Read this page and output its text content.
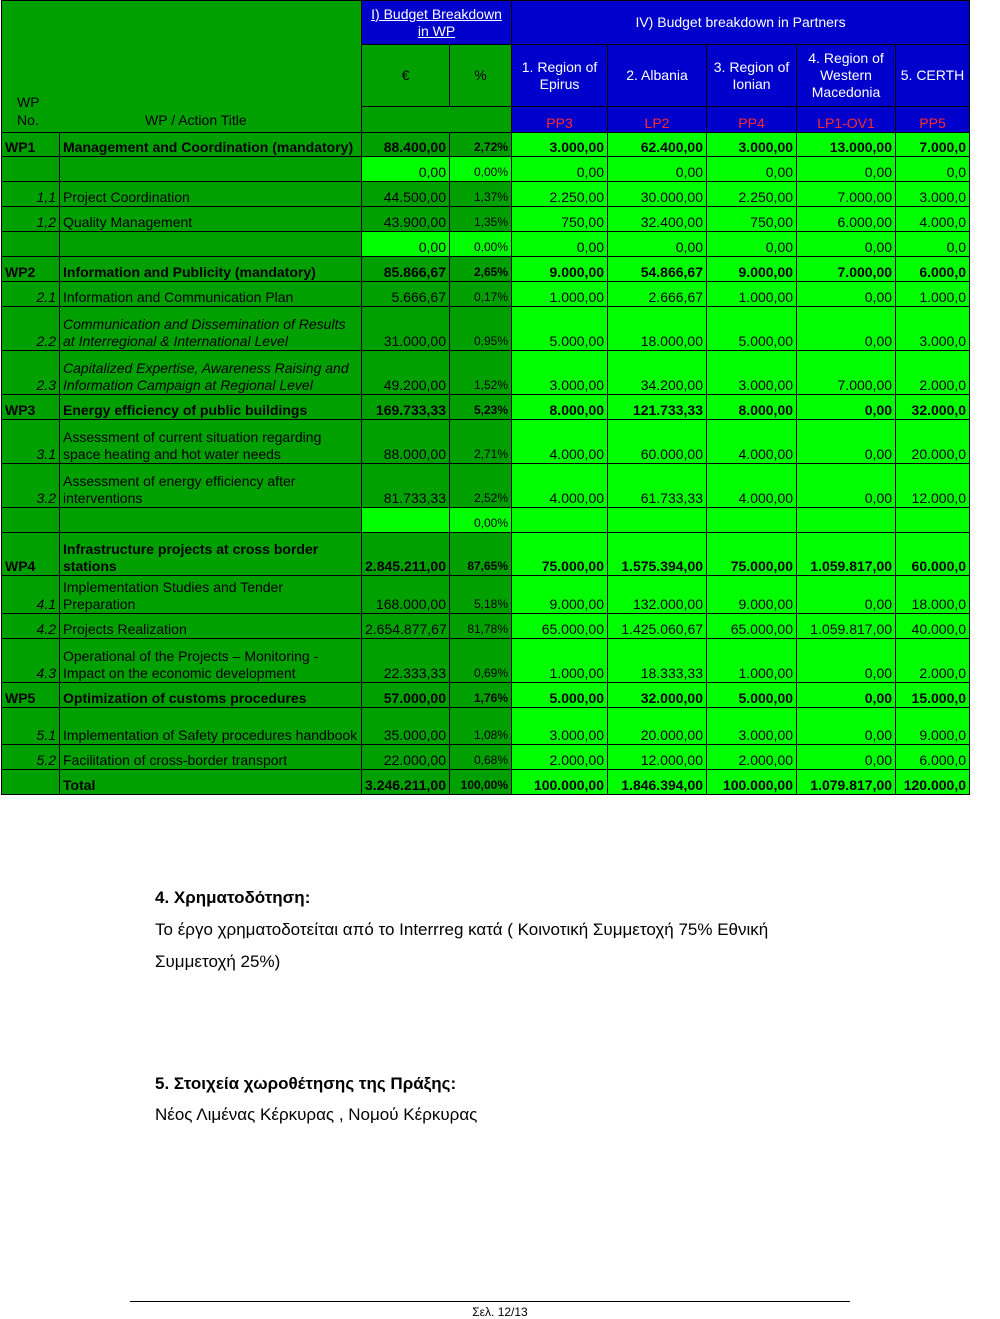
WP No. WP / Action Title		I) Budget Breakdown in WP		IV) Budget breakdown in Partners				
		€	%	1. Region of Epirus	2. Albania	3. Region of Ionian	4. Region of Western Macedonia	5. CERTH
				PP3	LP2	PP4	LP1-OV1	PP5
WP1	Management and Coordination (mandatory)	88.400,00	2,72%	3.000,00	62.400,00	3.000,00	13.000,00	7.000,0
		0,00	0,00%	0,00	0,00	0,00	0,00	0,0
1,1	Project Coordination	44.500,00	1,37%	2.250,00	30.000,00	2.250,00	7.000,00	3.000,0
1,2	Quality Management	43.900,00	1,35%	750,00	32.400,00	750,00	6.000,00	4.000,0
		0,00	0,00%	0,00	0,00	0,00	0,00	0,0
WP2	Information and Publicity (mandatory)	85.866,67	2,65%	9.000,00	54.866,67	9.000,00	7.000,00	6.000,0
2.1	Information and Communication Plan	5.666,67	0,17%	1.000,00	2.666,67	1.000,00	0,00	1.000,0
2.2	Communication and Dissemination of Results at Interregional & International Level	31.000,00	0,95%	5.000,00	18.000,00	5.000,00	0,00	3.000,0
2.3	Capitalized Expertise, Awareness Raising and Information Campaign at Regional Level	49.200,00	1,52%	3.000,00	34.200,00	3.000,00	7.000,00	2.000,0
WP3	Energy efficiency of public buildings	169.733,33	5,23%	8.000,00	121.733,33	8.000,00	0,00	32.000,0
3.1	Assessment of current situation regarding space heating and hot water needs	88.000,00	2,71%	4.000,00	60.000,00	4.000,00	0,00	20.000,0
3.2	Assessment of energy efficiency after interventions	81.733,33	2,52%	4.000,00	61.733,33	4.000,00	0,00	12.000,0
			0,00%					
WP4	Infrastructure projects at cross border stations	2.845.211,00	87,65%	75.000,00	1.575.394,00	75.000,00	1.059.817,00	60.000,0
4.1	Implementation Studies and Tender Preparation	168.000,00	5,18%	9.000,00	132.000,00	9.000,00	0,00	18.000,0
4.2	Projects Realization	2.654.877,67	81,78%	65.000,00	1.425.060,67	65.000,00	1.059.817,00	40.000,0
4.3	Operational of the Projects – Monitoring - Impact on the economic development	22.333,33	0,69%	1.000,00	18.333,33	1.000,00	0,00	2.000,0
WP5	Optimization of customs procedures	57.000,00	1,76%	5.000,00	32.000,00	5.000,00	0,00	15.000,0
5.1	Implementation of Safety procedures handbook	35.000,00	1,08%	3.000,00	20.000,00	3.000,00	0,00	9.000,0
5.2	Facilitation of cross-border transport	22.000,00	0,68%	2.000,00	12.000,00	2.000,00	0,00	6.000,0
	Total	3.246.211,00	100,00%	100.000,00	1.846.394,00	100.000,00	1.079.817,00	120.000,0
4. Χρηματοδότηση:
Το έργο χρηματοδοτείται από το Interrreg κατά ( Κοινοτική Συμμετοχή 75% Εθνική
Συμμετοχή 25%)
5. Στοιχεία χωροθέτησης της Πράξης:
Νέος Λιμένας Κέρκυρας , Νομού Κέρκυρας
Σελ. 12/13
